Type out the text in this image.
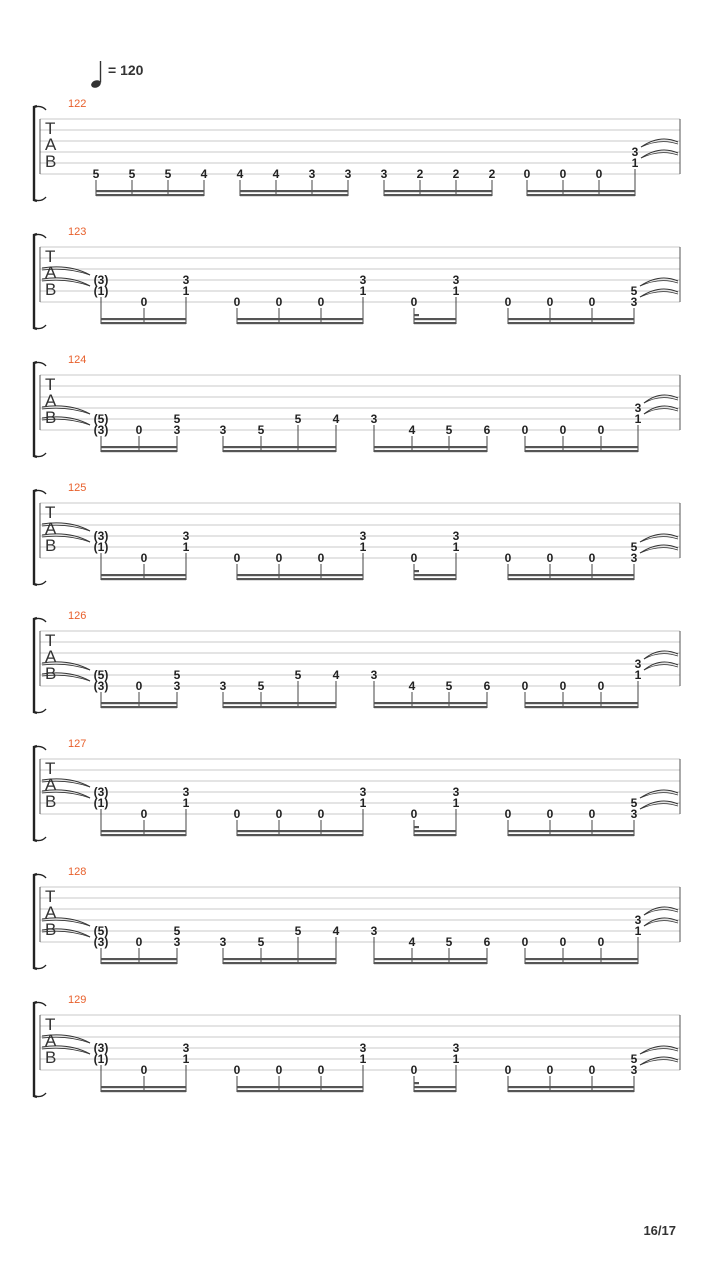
= 120
122
T
A
B
5 5 5 4 4 4 3 3 3 2 2 2 0 0 0
3
1
123
T
A
B	(3)
(1)
0
3
1
0	0	0
3
1
0
3
1
0	0	0
5
3
124
T
A
B	(5)
(3) 0
5
3	3	5
5	4	3
4	5	6	0	0	0
3
1
125
T
A
B	(3)
(1)
0
3
1
0	0	0
3
1
0
3
1
0	0	0
5
3
126
T
A
B	(5)
(3) 0
5
3	3	5
5	4	3
4	5	6	0	0	0
3
1
127
T
A
B	(3)
(1)
0
3
1
0	0	0
3
1
0
3
1
0	0	0
5
3
128
T
A
B	(5)
(3) 0
5
3	3	5
5	4	3
4	5	6	0	0	0
3
1
129
T
A
B	(3)
(1)
0
3
1
0	0	0
3
1
0
3
1
0	0	0
5
3
16/17
